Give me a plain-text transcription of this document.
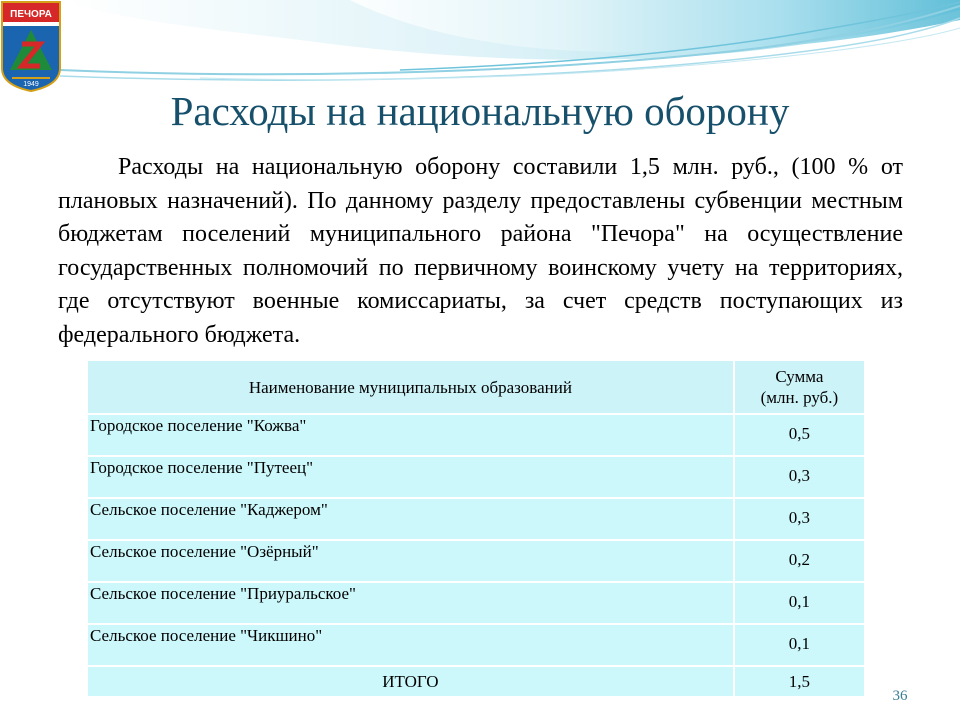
ПЕЧОРА
1949
Расходы на национальную оборону
Расходы на национальную оборону составили 1,5 млн. руб., (100 % от плановых назначений). По данному разделу предоставлены субвенции местным бюджетам поселений муниципального района "Печора" на осуществление государственных полномочий по первичному воинскому учету на территориях, где отсутствуют военные комиссариаты, за счет средств поступающих из федерального бюджета.
Наименование муниципальных образований	Сумма
(млн. руб.)
Городское поселение "Кожва"	0,5
Городское поселение "Путеец"	0,3
Сельское поселение "Каджером"	0,3
Сельское поселение "Озёрный"	0,2
Сельское поселение "Приуральское"	0,1
Сельское поселение "Чикшино"	0,1
ИТОГО	1,5
36
